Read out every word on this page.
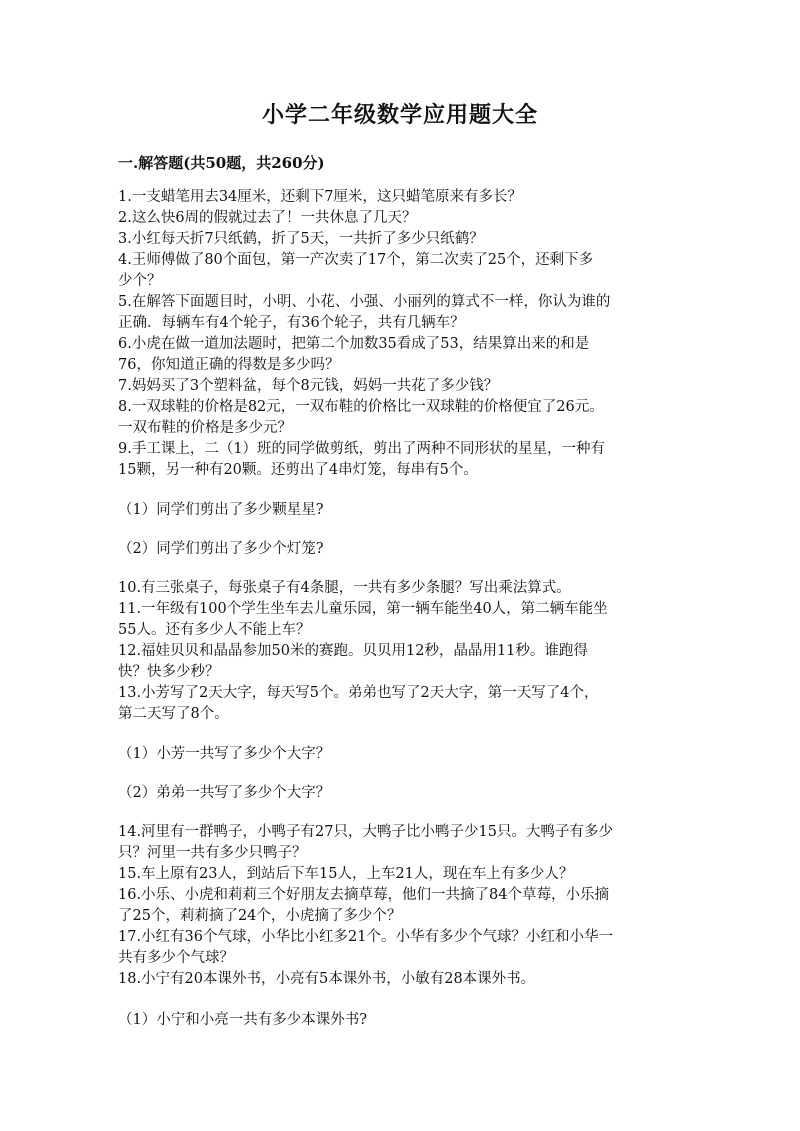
小学二年级数学应用题大全
一.解答题(共50题，共260分)
1.一支蜡笔用去34厘米，还剩下7厘米，这只蜡笔原来有多长？
2.这么快6周的假就过去了！一共休息了几天？
3.小红每天折7只纸鹤，折了5天，一共折了多少只纸鹤？
4.王师傅做了80个面包，第一产次卖了17个，第二次卖了25个，还剩下多
少个？
5.在解答下面题目时，小明、小花、小强、小丽列的算式不一样，你认为谁的
正确．每辆车有4个轮子，有36个轮子，共有几辆车？
6.小虎在做一道加法题时，把第二个加数35看成了53，结果算出来的和是
76，你知道正确的得数是多少吗？
7.妈妈买了3个塑料盆，每个8元钱，妈妈一共花了多少钱？
8.一双球鞋的价格是82元，一双布鞋的价格比一双球鞋的价格便宜了26元。
一双布鞋的价格是多少元？
9.手工课上，二（1）班的同学做剪纸，剪出了两种不同形状的星星，一种有
15颗，另一种有20颗。还剪出了4串灯笼，每串有5个。
（1）同学们剪出了多少颗星星?
（2）同学们剪出了多少个灯笼?
10.有三张桌子，每张桌子有4条腿，一共有多少条腿？写出乘法算式。
11.一年级有100个学生坐车去儿童乐园，第一辆车能坐40人，第二辆车能坐
55人。还有多少人不能上车？
12.福娃贝贝和晶晶参加50米的赛跑。贝贝用12秒，晶晶用11秒。谁跑得
快？快多少秒？
13.小芳写了2天大字，每天写5个。弟弟也写了2天大字，第一天写了4个，
第二天写了8个。
（1）小芳一共写了多少个大字？
（2）弟弟一共写了多少个大字？
14.河里有一群鸭子，小鸭子有27只，大鸭子比小鸭子少15只。大鸭子有多少
只？河里一共有多少只鸭子？
15.车上原有23人，到站后下车15人，上车21人，现在车上有多少人？
16.小乐、小虎和莉莉三个好朋友去摘草莓，他们一共摘了84个草莓，小乐摘
了25个，莉莉摘了24个，小虎摘了多少个？
17.小红有36个气球，小华比小红多21个。小华有多少个气球？小红和小华一
共有多少个气球？
18.小宁有20本课外书，小亮有5本课外书，小敏有28本课外书。
（1）小宁和小亮一共有多少本课外书?
